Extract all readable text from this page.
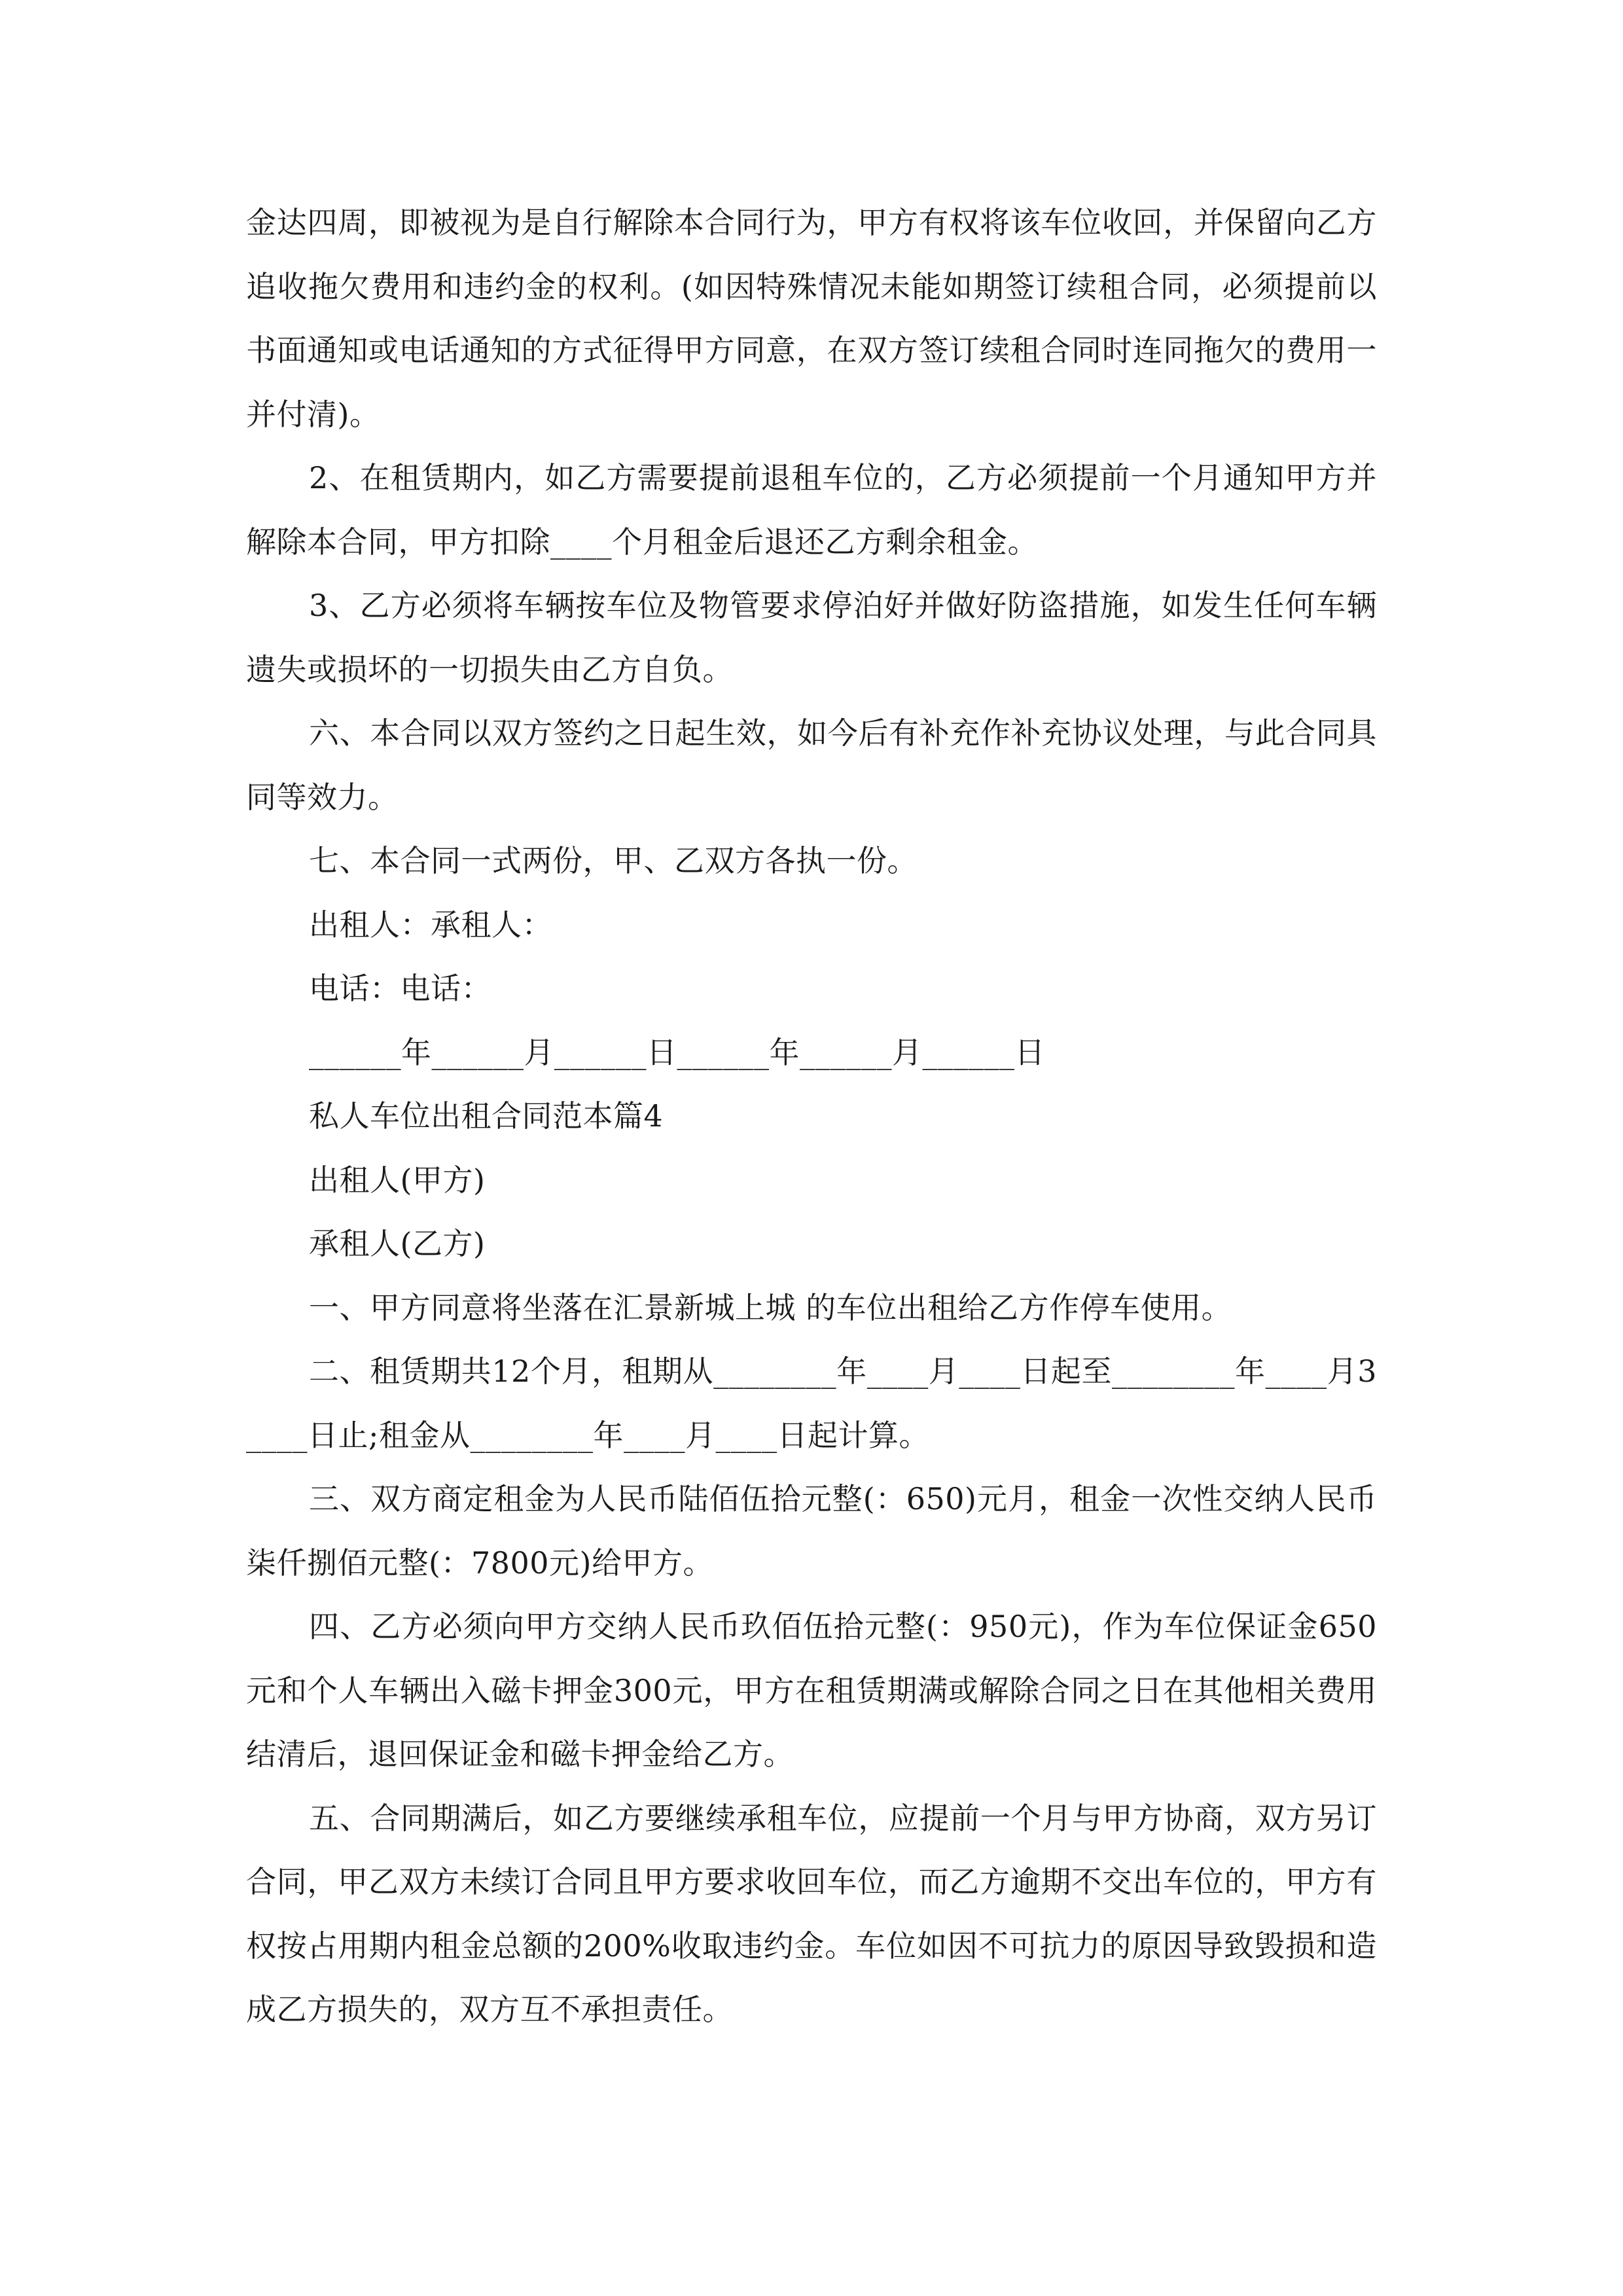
金达四周，即被视为是自行解除本合同行为，甲方有权将该车位收回，并保留向乙方追收拖欠费用和违约金的权利。(如因特殊情况未能如期签订续租合同，必须提前以书面通知或电话通知的方式征得甲方同意，在双方签订续租合同时连同拖欠的费用一并付清)。

2、在租赁期内，如乙方需要提前退租车位的，乙方必须提前一个月通知甲方并解除本合同，甲方扣除____个月租金后退还乙方剩余租金。

3、乙方必须将车辆按车位及物管要求停泊好并做好防盗措施，如发生任何车辆遗失或损坏的一切损失由乙方自负。

六、本合同以双方签约之日起生效，如今后有补充作补充协议处理，与此合同具同等效力。

七、本合同一式两份，甲、乙双方各执一份。

出租人：承租人：

电话：电话：

______年______月______日______年______月______日

私人车位出租合同范本篇4

出租人(甲方)

承租人(乙方)

一、甲方同意将坐落在汇景新城上城 的车位出租给乙方作停车使用。

二、租赁期共12个月，租期从________年____月____日起至________年____月3____日止;租金从________年____月____日起计算。

三、双方商定租金为人民币陆佰伍拾元整(：650)元月，租金一次性交纳人民币柒仟捌佰元整(：7800元)给甲方。

四、乙方必须向甲方交纳人民币玖佰伍拾元整(：950元)，作为车位保证金650元和个人车辆出入磁卡押金300元，甲方在租赁期满或解除合同之日在其他相关费用结清后，退回保证金和磁卡押金给乙方。

五、合同期满后，如乙方要继续承租车位，应提前一个月与甲方协商，双方另订合同，甲乙双方未续订合同且甲方要求收回车位，而乙方逾期不交出车位的，甲方有权按占用期内租金总额的200%收取违约金。车位如因不可抗力的原因导致毁损和造成乙方损失的，双方互不承担责任。
